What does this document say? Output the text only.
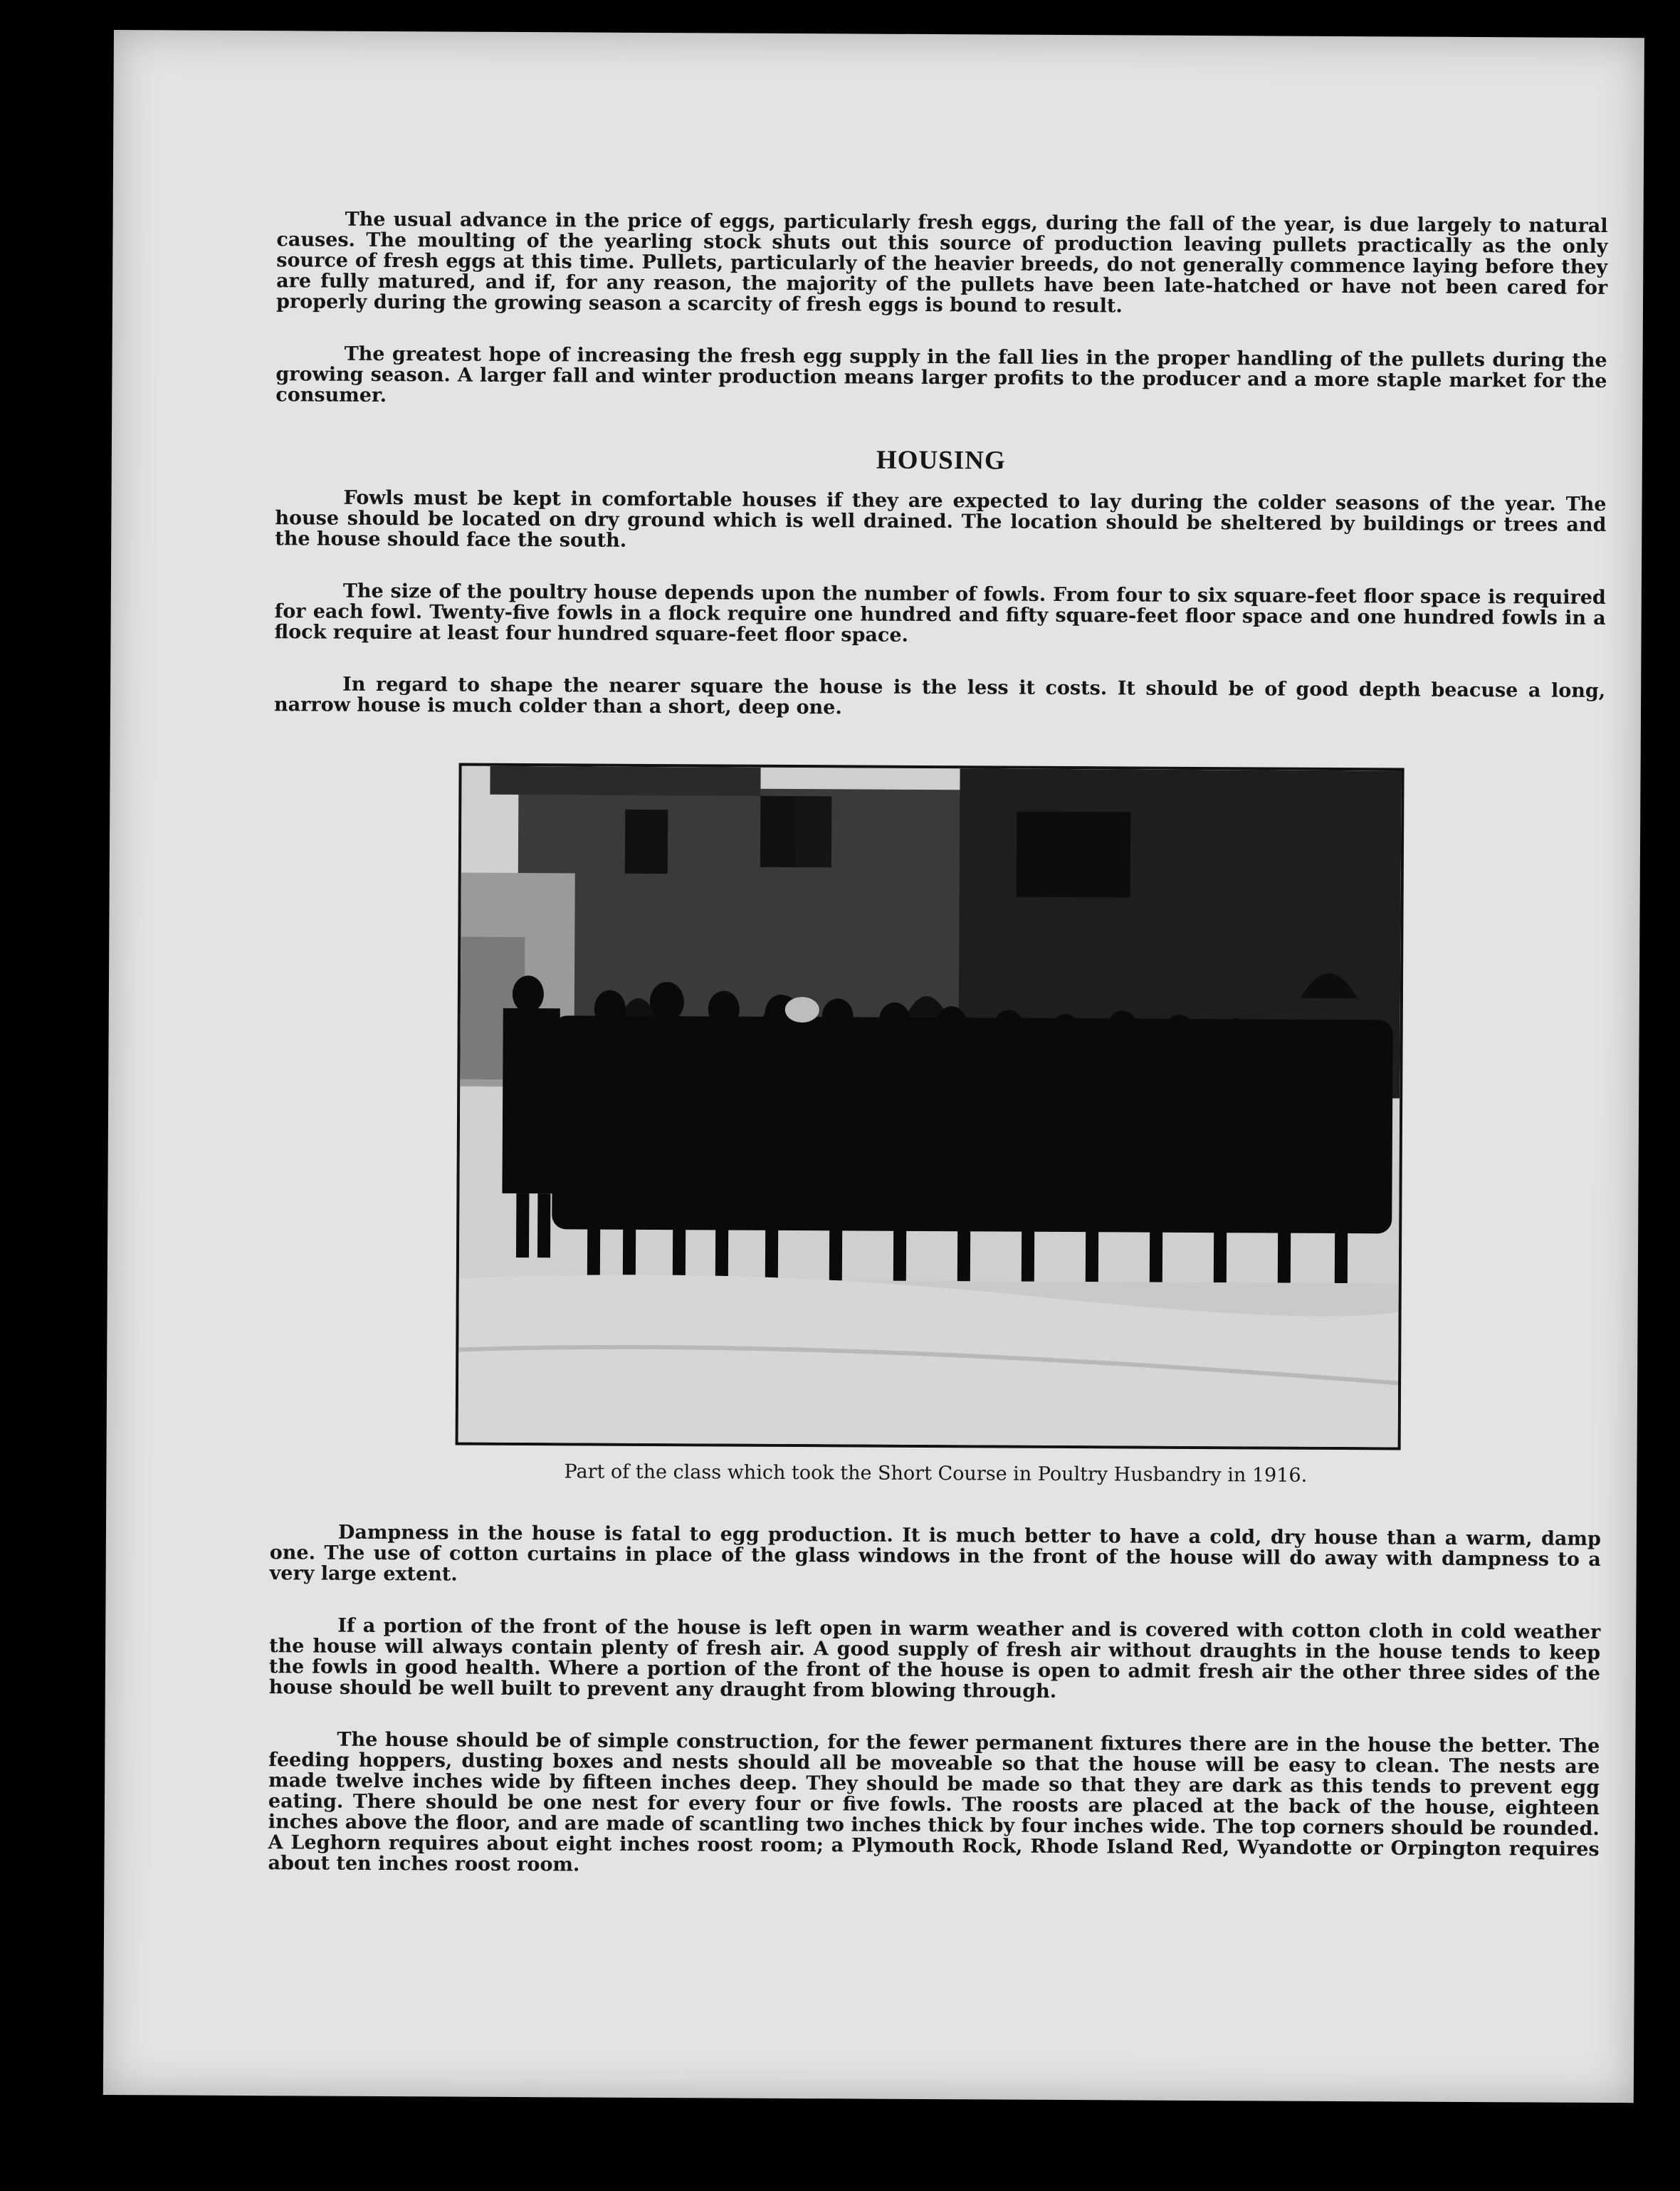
The usual advance in the price of eggs, particularly fresh eggs, during the fall of the year, is due largely to natural causes. The moulting of the yearling stock shuts out this source of production leaving pullets practically as the only source of fresh eggs at this time. Pullets, particularly of the heavier breeds, do not generally commence laying before they are fully matured, and if, for any reason, the majority of the pullets have been late-hatched or have not been cared for properly during the growing season a scarcity of fresh eggs is bound to result.

The greatest hope of increasing the fresh egg supply in the fall lies in the proper handling of the pullets during the growing season. A larger fall and winter production means larger profits to the producer and a more staple market for the consumer.

HOUSING

Fowls must be kept in comfortable houses if they are expected to lay during the colder seasons of the year. The house should be located on dry ground which is well drained. The location should be sheltered by buildings or trees and the house should face the south.

The size of the poultry house depends upon the number of fowls. From four to six square-feet floor space is required for each fowl. Twenty-five fowls in a flock require one hundred and fifty square-feet floor space and one hundred fowls in a flock require at least four hundred square-feet floor space.

In regard to shape the nearer square the house is the less it costs. It should be of good depth beacuse a long, narrow house is much colder than a short, deep one.

Part of the class which took the Short Course in Poultry Husbandry in 1916.

Dampness in the house is fatal to egg production. It is much better to have a cold, dry house than a warm, damp one. The use of cotton curtains in place of the glass windows in the front of the house will do away with dampness to a very large extent.

If a portion of the front of the house is left open in warm weather and is covered with cotton cloth in cold weather the house will always contain plenty of fresh air. A good supply of fresh air without draughts in the house tends to keep the fowls in good health. Where a portion of the front of the house is open to admit fresh air the other three sides of the house should be well built to prevent any draught from blowing through.

The house should be of simple construction, for the fewer permanent fixtures there are in the house the better. The feeding hoppers, dusting boxes and nests should all be moveable so that the house will be easy to clean. The nests are made twelve inches wide by fifteen inches deep. They should be made so that they are dark as this tends to prevent egg eating. There should be one nest for every four or five fowls. The roosts are placed at the back of the house, eighteen inches above the floor, and are made of scantling two inches thick by four inches wide. The top corners should be rounded. A Leghorn requires about eight inches roost room; a Plymouth Rock, Rhode Island Red, Wyandotte or Orpington requires about ten inches roost room.
